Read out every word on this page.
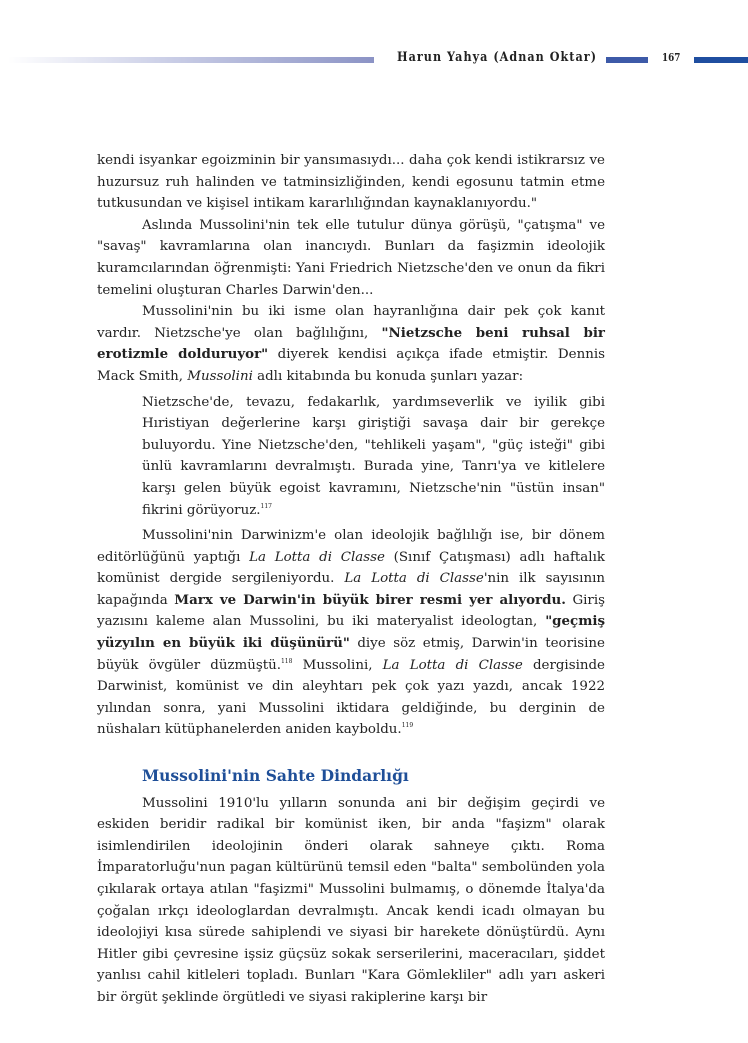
Harun Yahya (Adnan Oktar)	167

kendi isyankar egoizminin bir yansımasıydı... daha çok kendi istikrarsız ve huzursuz ruh halinden ve tatminsizliğinden, kendi egosunu tatmin etme tutkusundan ve kişisel intikam kararlılığından kaynaklanıyordu."

Aslında Mussolini'nin tek elle tutulur dünya görüşü, "çatışma" ve "savaş" kavramlarına olan inancıydı. Bunları da faşizmin ideolojik kuramcılarından öğrenmişti: Yani Friedrich Nietzsche'den ve onun da fikri temelini oluşturan Charles Darwin'den...

Mussolini'nin bu iki isme olan hayranlığına dair pek çok kanıt vardır. Nietzsche'ye olan bağlılığını, "Nietzsche beni ruhsal bir erotizmle dolduruyor" diyerek kendisi açıkça ifade etmiştir. Dennis Mack Smith, Mussolini adlı kitabında bu konuda şunları yazar:

Nietzsche'de, tevazu, fedakarlık, yardımseverlik ve iyilik gibi Hıristiyan değerlerine karşı giriştiği savaşa dair bir gerekçe buluyordu. Yine Nietzsche'den, "tehlikeli yaşam", "güç isteği" gibi ünlü kavramlarını devralmıştı. Burada yine, Tanrı'ya ve kitlelere karşı gelen büyük egoist kavramını, Nietzsche'nin "üstün insan" fikrini görüyoruz.$^{117}$

Mussolini'nin Darwinizm'e olan ideolojik bağlılığı ise, bir dönem editörlüğünü yaptığı La Lotta di Classe (Sınıf Çatışması) adlı haftalık komünist dergide sergileniyordu. La Lotta di Classe'nin ilk sayısının kapağında Marx ve Darwin'in büyük birer resmi yer alıyordu. Giriş yazısını kaleme alan Mussolini, bu iki materyalist ideologtan, "geçmiş yüzyılın en büyük iki düşünürü" diye söz etmiş, Darwin'in teorisine büyük övgüler düzmüştü.$^{118}$ Mussolini, La Lotta di Classe dergisinde Darwinist, komünist ve din aleyhtarı pek çok yazı yazdı, ancak 1922 yılından sonra, yani Mussolini iktidara geldiğinde, bu derginin de nüshaları kütüphanelerden aniden kayboldu.$^{119}$

Mussolini'nin Sahte Dindarlığı

Mussolini 1910'lu yılların sonunda ani bir değişim geçirdi ve eskiden beridir radikal bir komünist iken, bir anda "faşizm" olarak isimlendirilen ideolojinin önderi olarak sahneye çıktı. Roma İmparatorluğu'nun pagan kültürünü temsil eden "balta" sembolünden yola çıkılarak ortaya atılan "faşizmi" Mussolini bulmamış, o dönemde İtalya'da çoğalan ırkçı ideologlardan devralmıştı. Ancak kendi icadı olmayan bu ideolojiyi kısa sürede sahiplendi ve siyasi bir harekete dönüştürdü. Aynı Hitler gibi çevresine işsiz güçsüz sokak serserilerini, maceracıları, şiddet yanlısı cahil kitleleri topladı. Bunları "Kara Gömlekliler" adlı yarı askeri bir örgüt şeklinde örgütledi ve siyasi rakiplerine karşı bir
